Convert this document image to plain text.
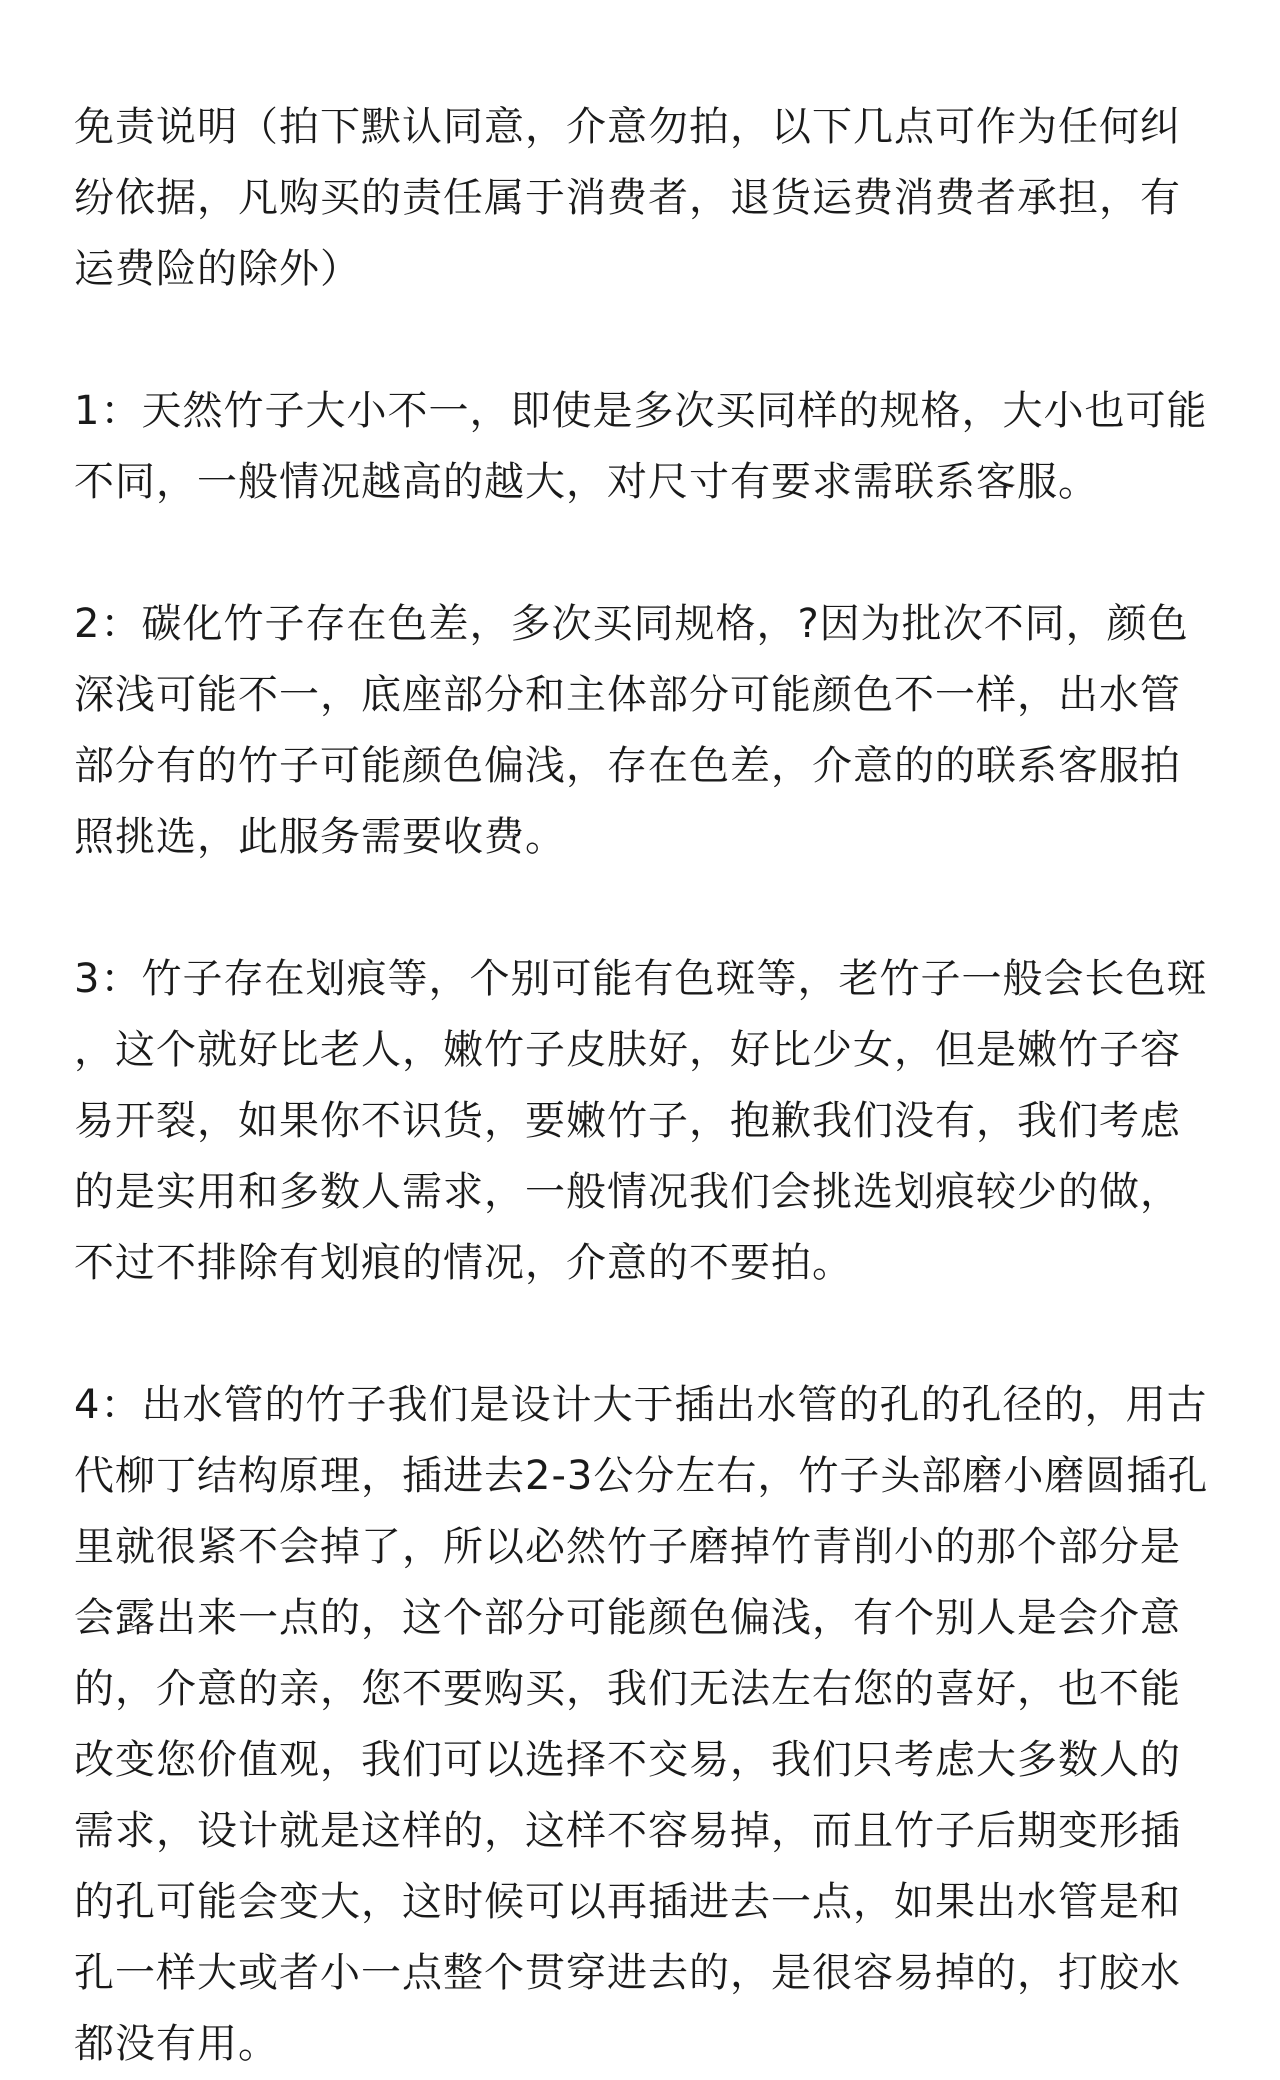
免责说明（拍下默认同意，介意勿拍，以下几点可作为任何纠
纷依据，凡购买的责任属于消费者，退货运费消费者承担，有
运费险的除外）

1：天然竹子大小不一，即使是多次买同样的规格，大小也可能
不同，一般情况越高的越大，对尺寸有要求需联系客服。

2：碳化竹子存在色差，多次买同规格，?因为批次不同，颜色
深浅可能不一，底座部分和主体部分可能颜色不一样，出水管
部分有的竹子可能颜色偏浅，存在色差，介意的的联系客服拍
照挑选，此服务需要收费。

3：竹子存在划痕等，个别可能有色斑等，老竹子一般会长色斑
，这个就好比老人，嫩竹子皮肤好，好比少女，但是嫩竹子容
易开裂，如果你不识货，要嫩竹子，抱歉我们没有，我们考虑
的是实用和多数人需求，一般情况我们会挑选划痕较少的做，
不过不排除有划痕的情况，介意的不要拍。

4：出水管的竹子我们是设计大于插出水管的孔的孔径的，用古
代柳丁结构原理，插进去2-3公分左右，竹子头部磨小磨圆插孔
里就很紧不会掉了，所以必然竹子磨掉竹青削小的那个部分是
会露出来一点的，这个部分可能颜色偏浅，有个别人是会介意
的，介意的亲，您不要购买，我们无法左右您的喜好，也不能
改变您价值观，我们可以选择不交易，我们只考虑大多数人的
需求，设计就是这样的，这样不容易掉，而且竹子后期变形插
的孔可能会变大，这时候可以再插进去一点，如果出水管是和
孔一样大或者小一点整个贯穿进去的，是很容易掉的，打胶水
都没有用。
